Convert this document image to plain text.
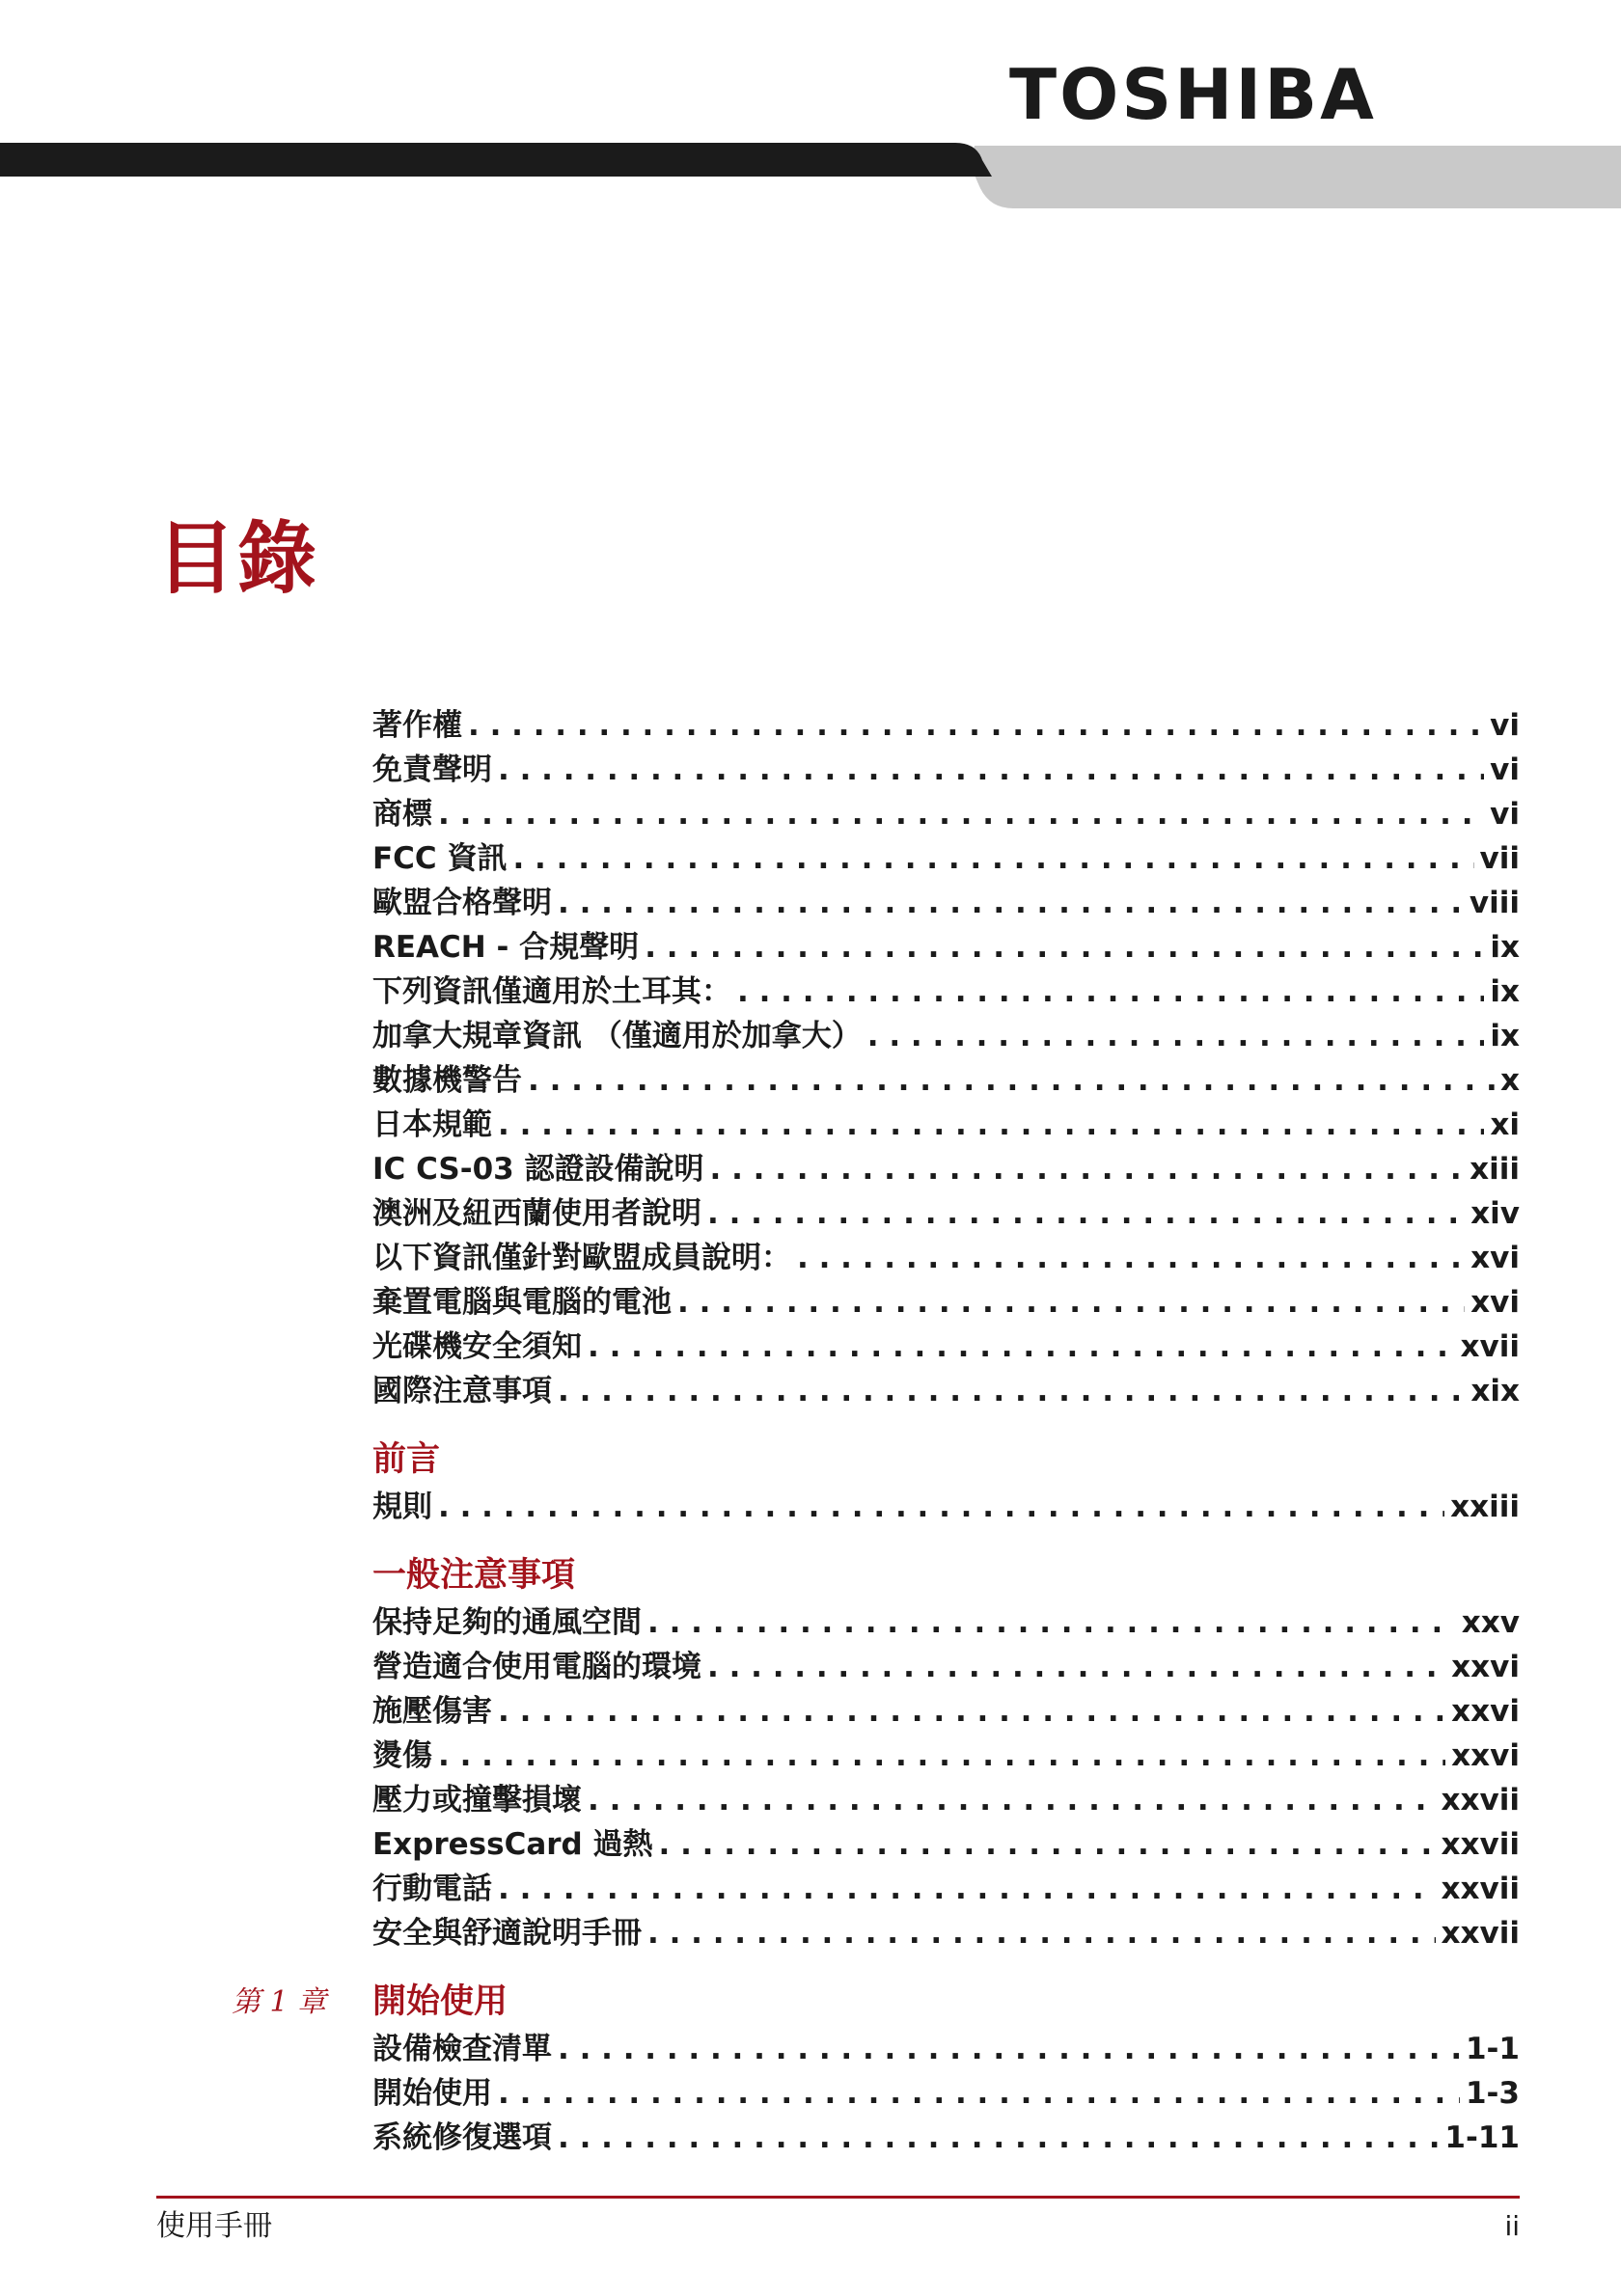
TOSHIBA
目錄
著作權 . . .	vi
免責聲明 . . .	vi
商標 . . .	vi
FCC 資訊 . . .	vii
歐盟合格聲明 . . .	viii
REACH - 合規聲明 . . .	ix
下列資訊僅適用於土耳其： . . .	ix
加拿大規章資訊 （僅適用於加拿大） . . .	ix
數據機警告 . . .	x
日本規範 . . .	xi
IC CS-03 認證設備說明 . . .	xiii
澳洲及紐西蘭使用者說明 . . .	xiv
以下資訊僅針對歐盟成員說明： . . .	xvi
棄置電腦與電腦的電池 . . .	xvi
光碟機安全須知 . . .	xvii
國際注意事項 . . .	xix
前言
規則 . . .	xxiii
一般注意事項
保持足夠的通風空間 . . .	xxv
營造適合使用電腦的環境 . . .	xxvi
施壓傷害 . . .	xxvi
燙傷 . . .	xxvi
壓力或撞擊損壞 . . .	xxvii
ExpressCard 過熱 . . .	xxvii
行動電話 . . .	xxvii
安全與舒適說明手冊 . . .	xxvii
第 1 章 開始使用
設備檢查清單 . . .	1-1
開始使用 . . .	1-3
系統修復選項 . . .	1-11
使用手冊	ii
